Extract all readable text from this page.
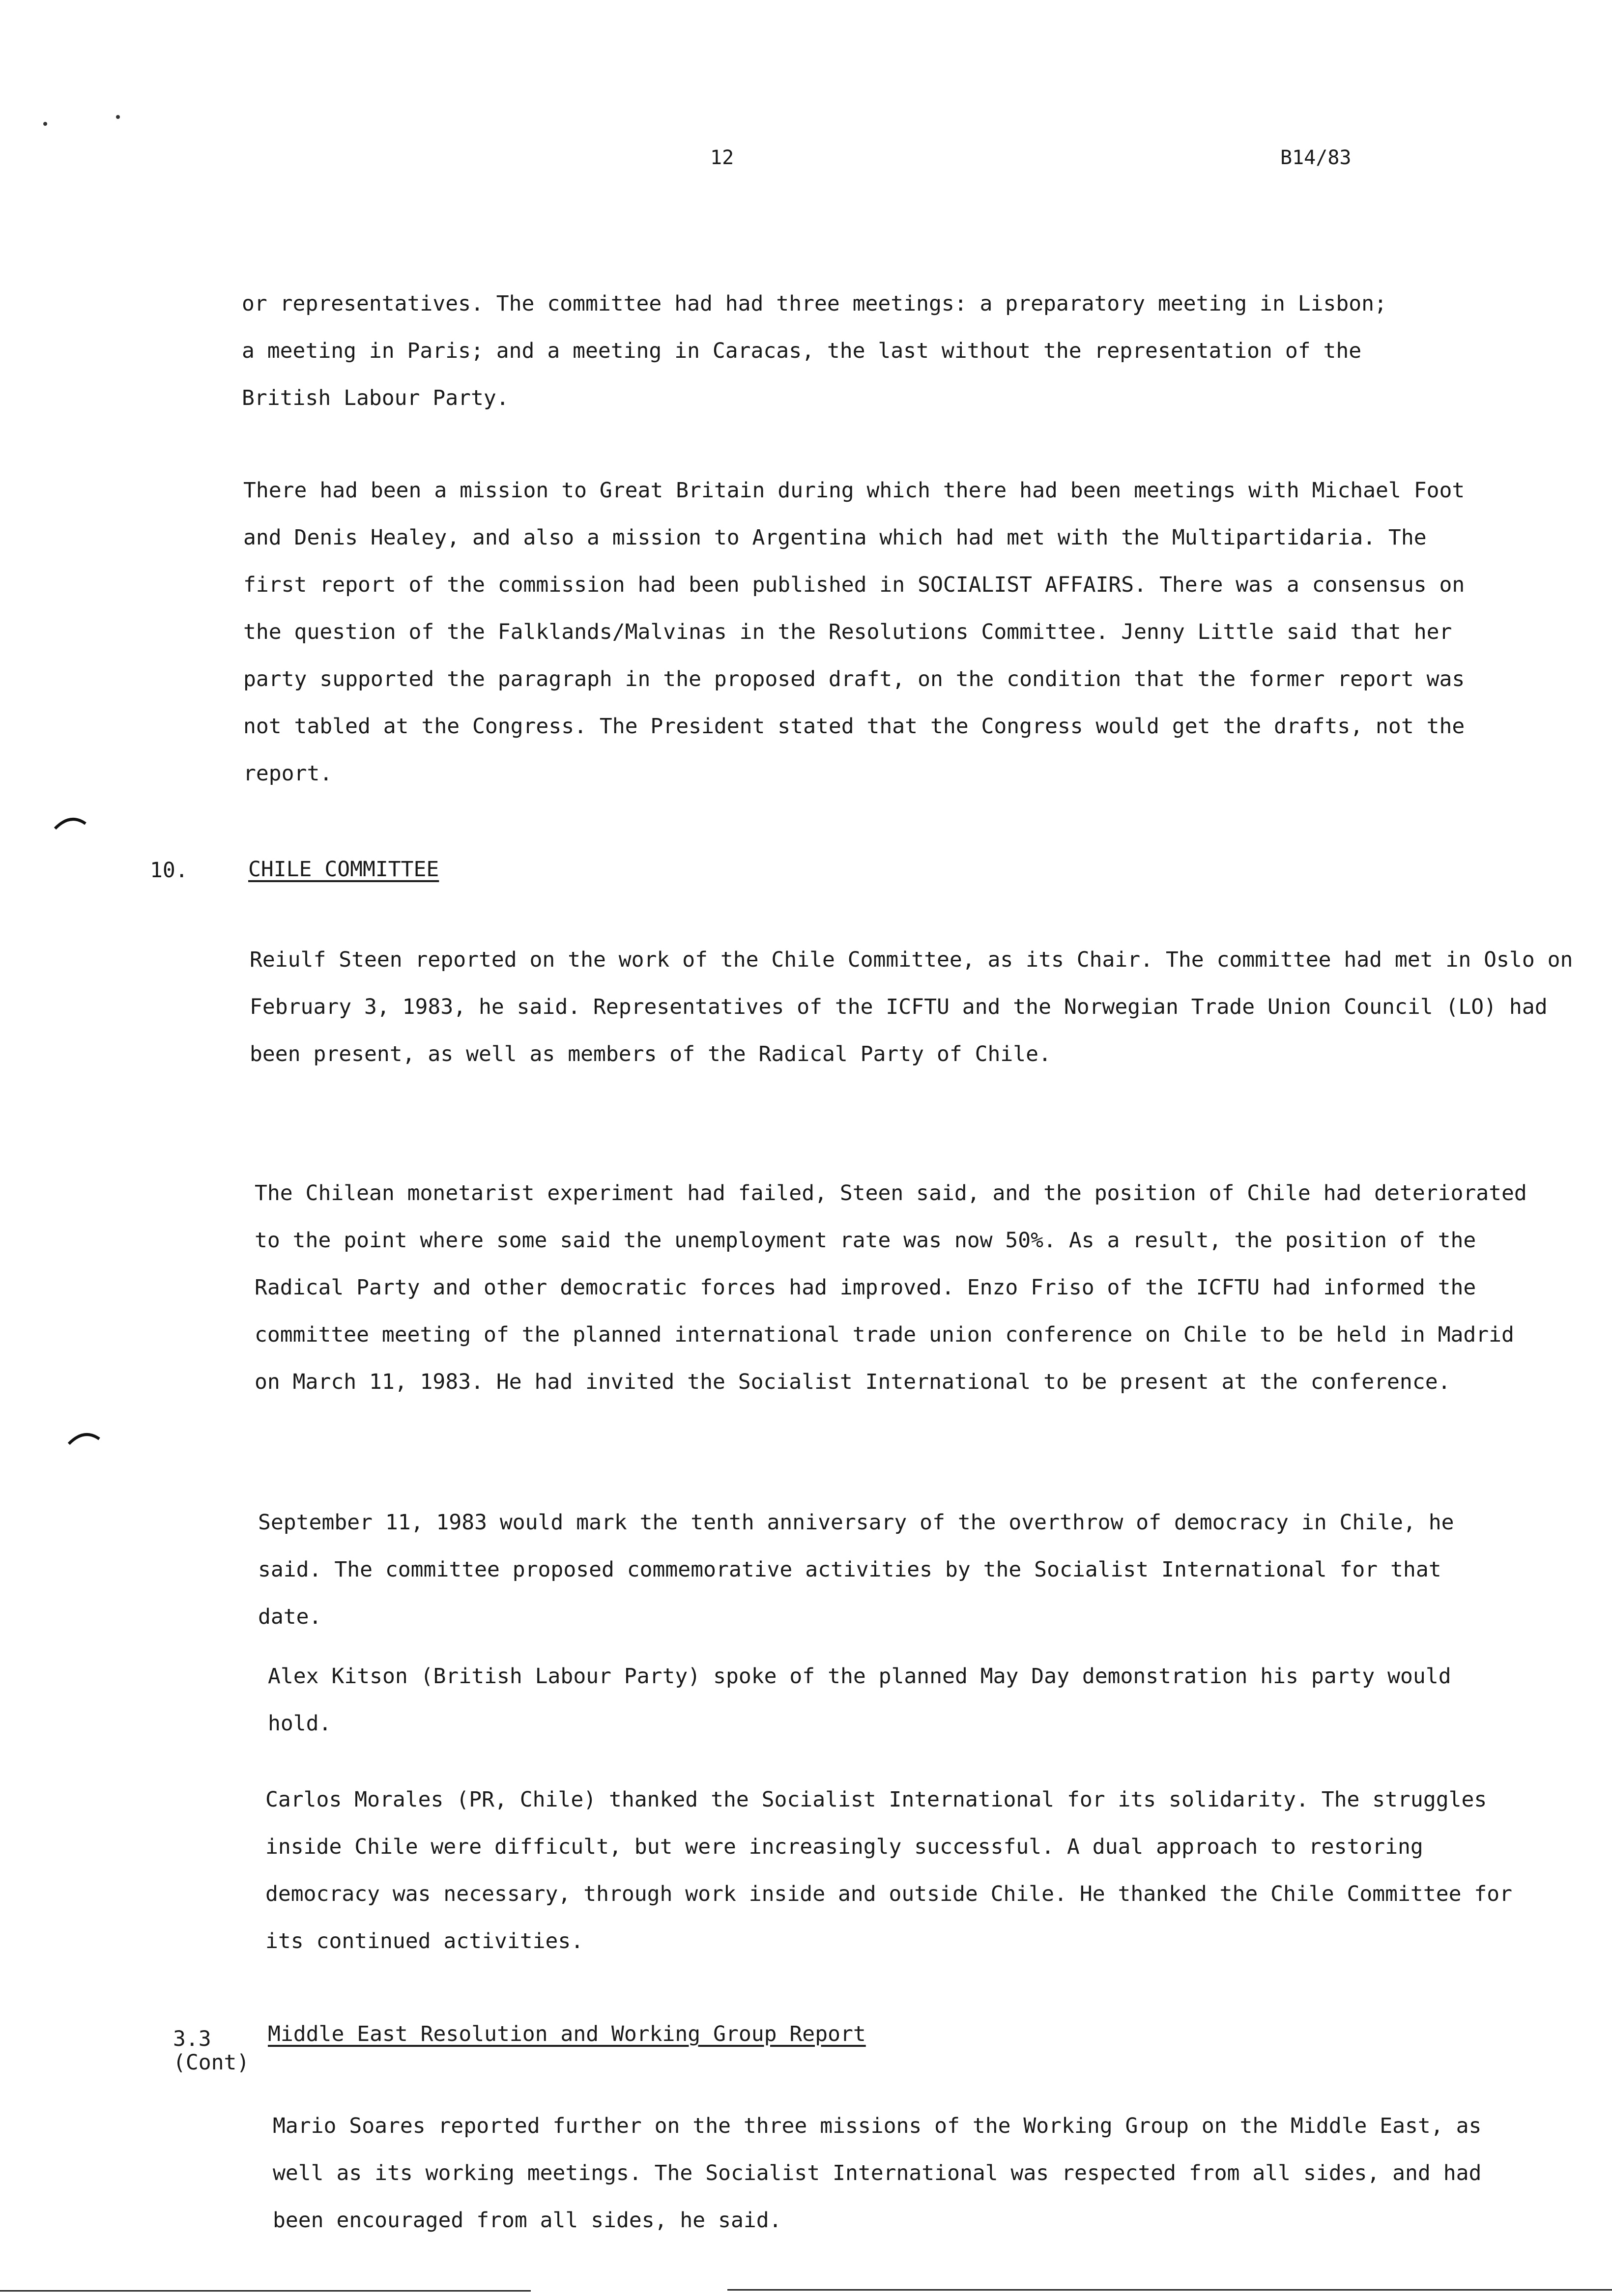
12	B14/83

or representatives. The committee had had three meetings: a preparatory meeting in Lisbon; a meeting in Paris; and a meeting in Caracas, the last without the representation of the British Labour Party.

There had been a mission to Great Britain during which there had been meetings with Michael Foot and Denis Healey, and also a mission to Argentina which had met with the Multipartidaria. The first report of the commission had been published in SOCIALIST AFFAIRS. There was a consensus on the question of the Falklands/Malvinas in the Resolutions Committee. Jenny Little said that her party supported the paragraph in the proposed draft, on the condition that the former report was not tabled at the Congress. The President stated that the Congress would get the drafts, not the report.

10.	CHILE COMMITTEE

Reiulf Steen reported on the work of the Chile Committee, as its Chair. The committee had met in Oslo on February 3, 1983, he said. Representatives of the ICFTU and the Norwegian Trade Union Council (LO) had been present, as well as members of the Radical Party of Chile.

The Chilean monetarist experiment had failed, Steen said, and the position of Chile had deteriorated to the point where some said the unemployment rate was now 50%. As a result, the position of the Radical Party and other democratic forces had improved. Enzo Friso of the ICFTU had informed the committee meeting of the planned international trade union conference on Chile to be held in Madrid on March 11, 1983. He had invited the Socialist International to be present at the conference.

September 11, 1983 would mark the tenth anniversary of the overthrow of democracy in Chile, he said. The committee proposed commemorative activities by the Socialist International for that date.

Alex Kitson (British Labour Party) spoke of the planned May Day demonstration his party would hold.

Carlos Morales (PR, Chile) thanked the Socialist International for its solidarity. The struggles inside Chile were difficult, but were increasingly successful. A dual approach to restoring democracy was necessary, through work inside and outside Chile. He thanked the Chile Committee for its continued activities.

3.3
(Cont)
Middle East Resolution and Working Group Report

Mario Soares reported further on the three missions of the Working Group on the Middle East, as well as its working meetings. The Socialist International was respected from all sides, and had been encouraged from all sides, he said.
